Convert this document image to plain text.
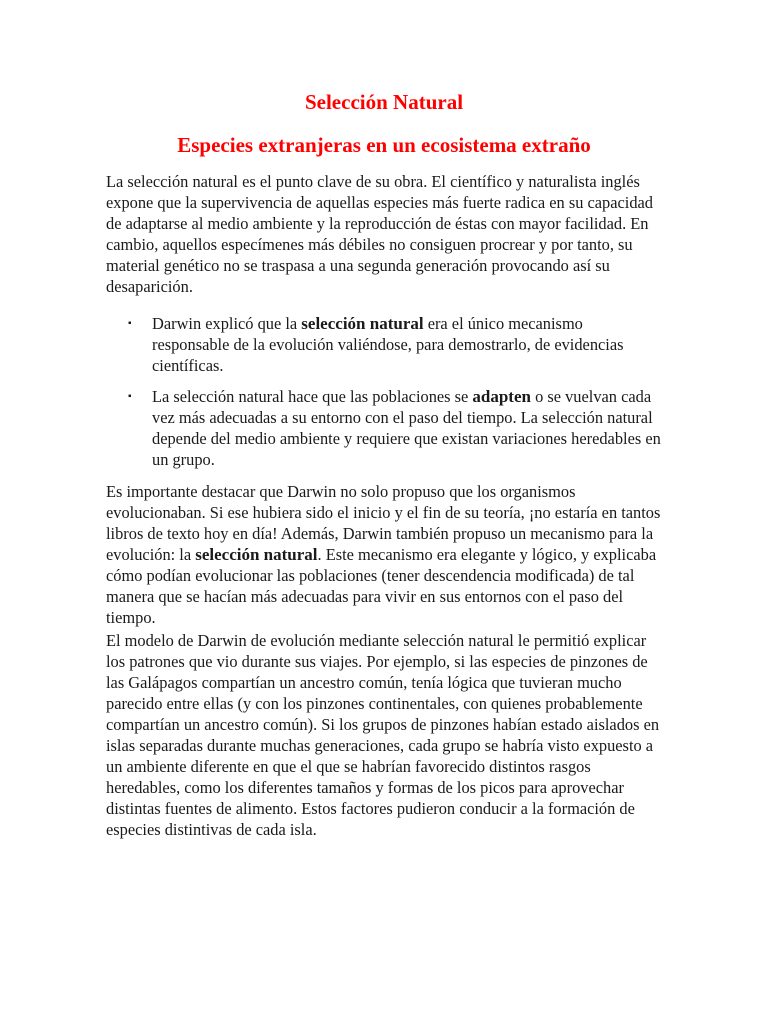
Selección Natural
Especies extranjeras en un ecosistema extraño

La selección natural es el punto clave de su obra. El científico y naturalista inglés expone que la supervivencia de aquellas especies más fuerte radica en su capacidad de adaptarse al medio ambiente y la reproducción de éstas con mayor facilidad. En cambio, aquellos especímenes más débiles no consiguen procrear y por tanto, su material genético no se traspasa a una segunda generación provocando así su desaparición.

▪ Darwin explicó que la selección natural era el único mecanismo responsable de la evolución valiéndose, para demostrarlo, de evidencias científicas.
▪ La selección natural hace que las poblaciones se adapten o se vuelvan cada vez más adecuadas a su entorno con el paso del tiempo. La selección natural depende del medio ambiente y requiere que existan variaciones heredables en un grupo.

Es importante destacar que Darwin no solo propuso que los organismos evolucionaban. Si ese hubiera sido el inicio y el fin de su teoría, ¡no estaría en tantos libros de texto hoy en día! Además, Darwin también propuso un mecanismo para la evolución: la selección natural. Este mecanismo era elegante y lógico, y explicaba cómo podían evolucionar las poblaciones (tener descendencia modificada) de tal manera que se hacían más adecuadas para vivir en sus entornos con el paso del tiempo.

El modelo de Darwin de evolución mediante selección natural le permitió explicar los patrones que vio durante sus viajes. Por ejemplo, si las especies de pinzones de las Galápagos compartían un ancestro común, tenía lógica que tuvieran mucho parecido entre ellas (y con los pinzones continentales, con quienes probablemente compartían un ancestro común). Si los grupos de pinzones habían estado aislados en islas separadas durante muchas generaciones, cada grupo se habría visto expuesto a un ambiente diferente en que el que se habrían favorecido distintos rasgos heredables, como los diferentes tamaños y formas de los picos para aprovechar distintas fuentes de alimento. Estos factores pudieron conducir a la formación de especies distintivas de cada isla.
